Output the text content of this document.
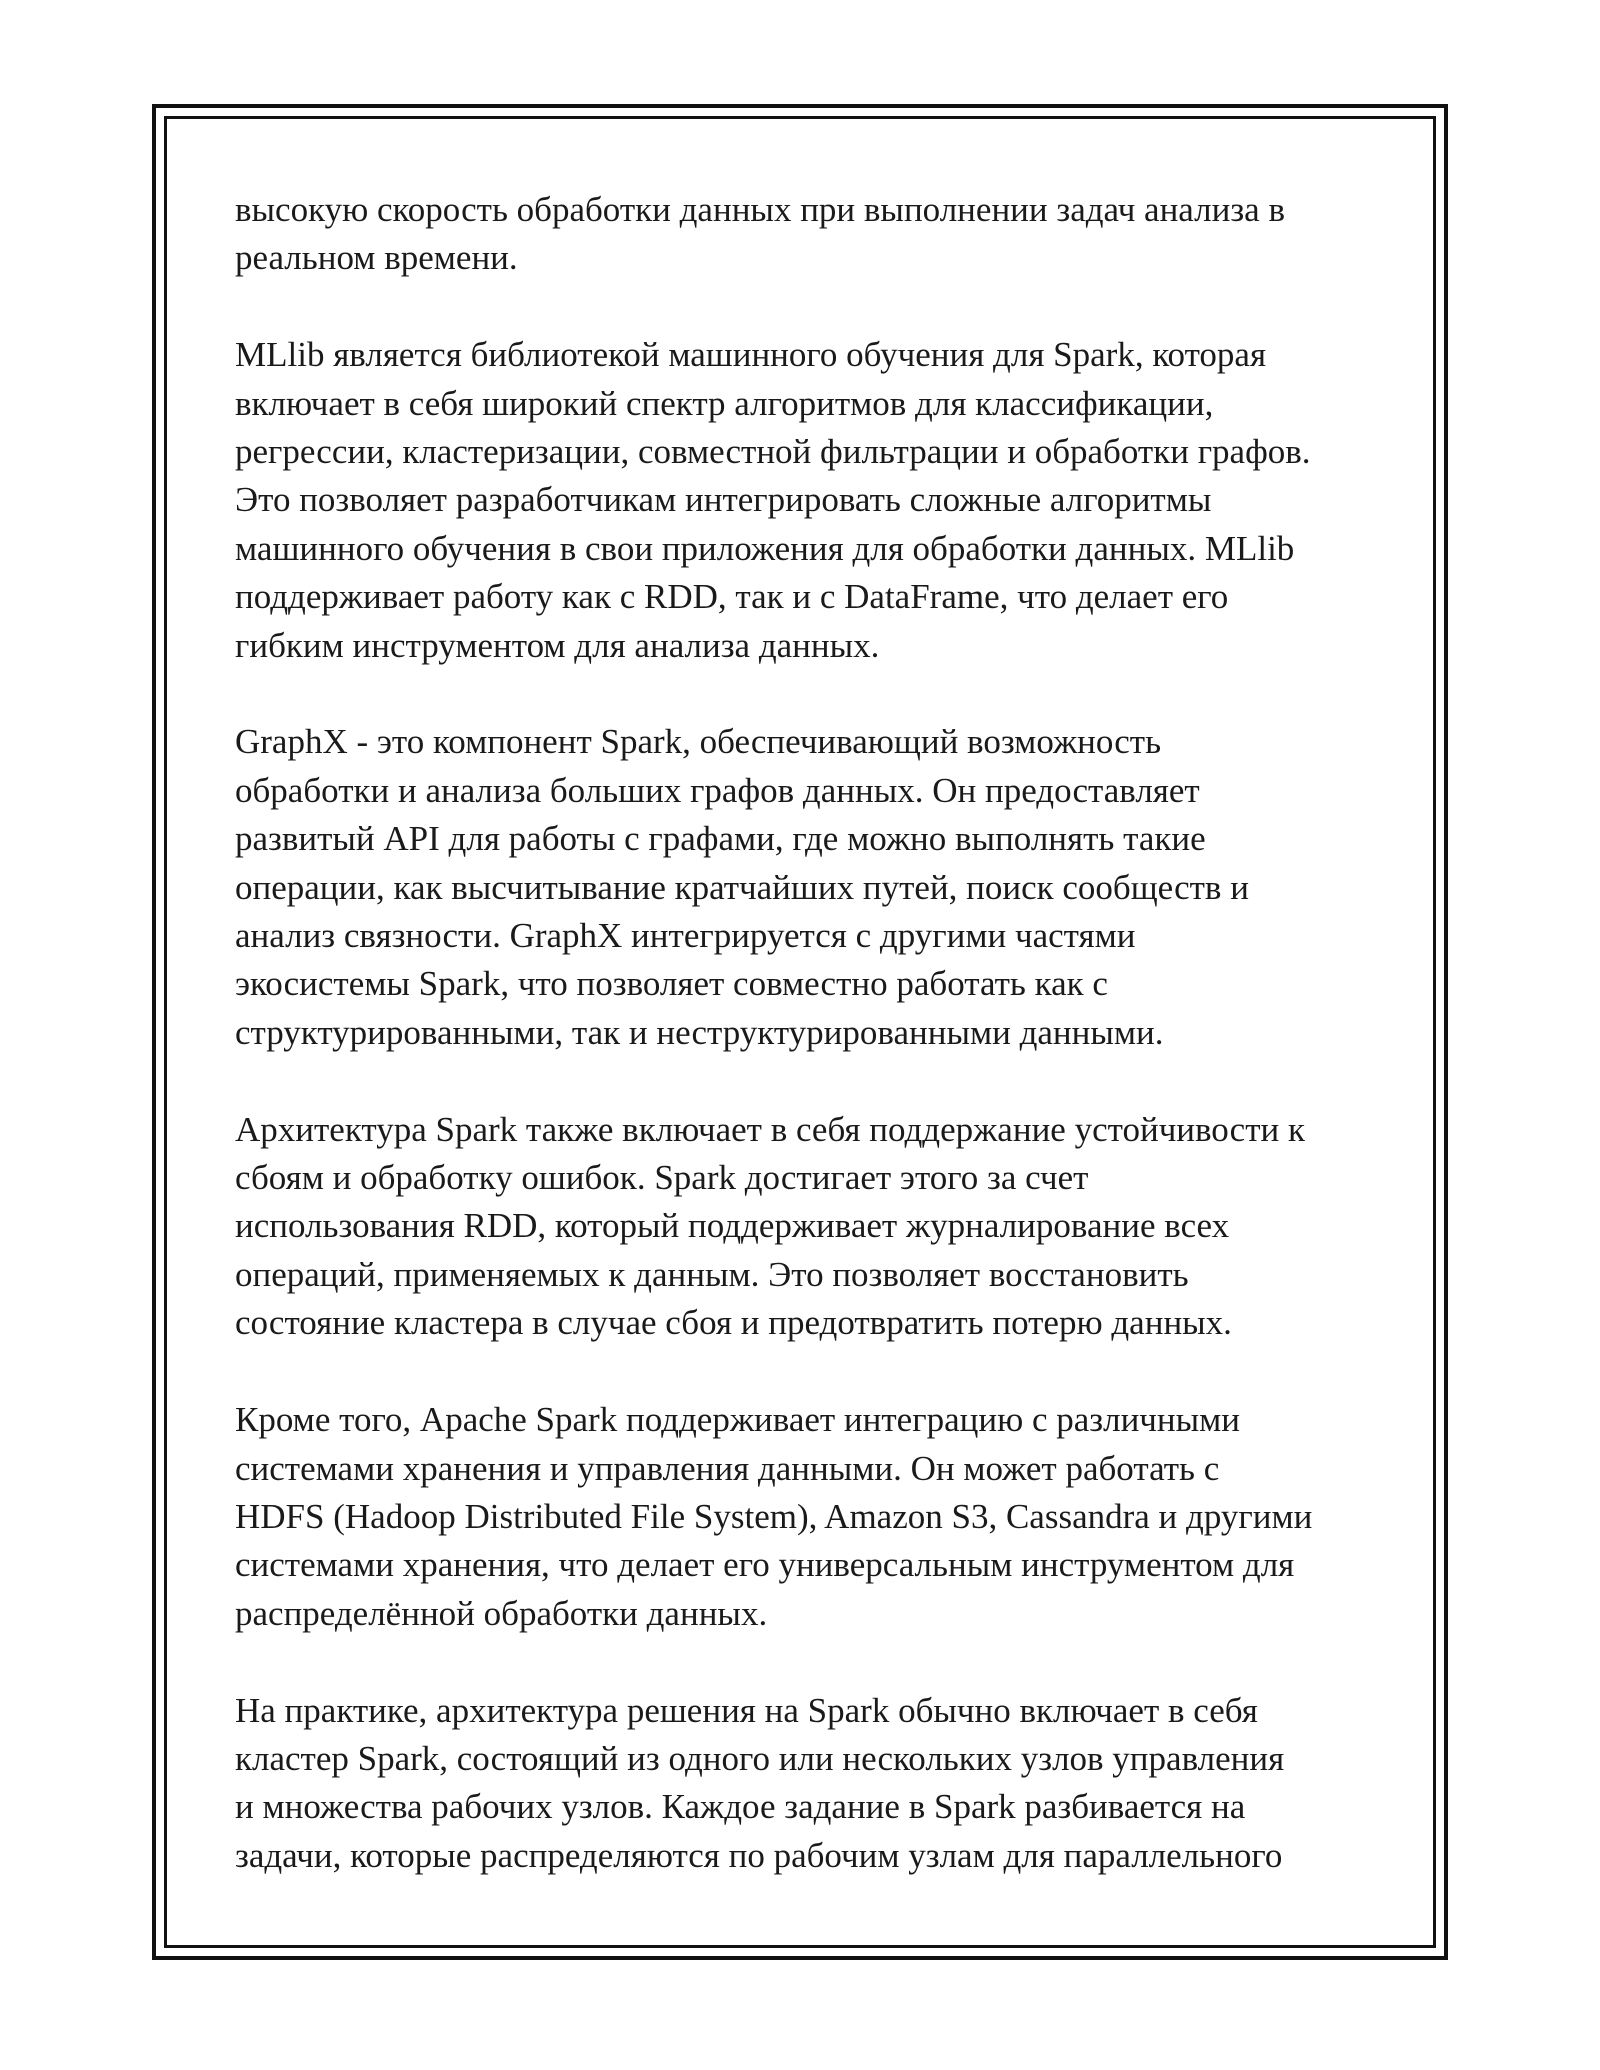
высокую скорость обработки данных при выполнении задач анализа в
реальном времени.

MLlib является библиотекой машинного обучения для Spark, которая
включает в себя широкий спектр алгоритмов для классификации,
регрессии, кластеризации, совместной фильтрации и обработки графов.
Это позволяет разработчикам интегрировать сложные алгоритмы
машинного обучения в свои приложения для обработки данных. MLlib
поддерживает работу как с RDD, так и с DataFrame, что делает его
гибким инструментом для анализа данных.

GraphX - это компонент Spark, обеспечивающий возможность
обработки и анализа больших графов данных. Он предоставляет
развитый API для работы с графами, где можно выполнять такие
операции, как высчитывание кратчайших путей, поиск сообществ и
анализ связности. GraphX интегрируется с другими частями
экосистемы Spark, что позволяет совместно работать как с
структурированными, так и неструктурированными данными.

Архитектура Spark также включает в себя поддержание устойчивости к
сбоям и обработку ошибок. Spark достигает этого за счет
использования RDD, который поддерживает журналирование всех
операций, применяемых к данным. Это позволяет восстановить
состояние кластера в случае сбоя и предотвратить потерю данных.

Кроме того, Apache Spark поддерживает интеграцию с различными
системами хранения и управления данными. Он может работать с
HDFS (Hadoop Distributed File System), Amazon S3, Cassandra и другими
системами хранения, что делает его универсальным инструментом для
распределённой обработки данных.

На практике, архитектура решения на Spark обычно включает в себя
кластер Spark, состоящий из одного или нескольких узлов управления
и множества рабочих узлов. Каждое задание в Spark разбивается на
задачи, которые распределяются по рабочим узлам для параллельного
